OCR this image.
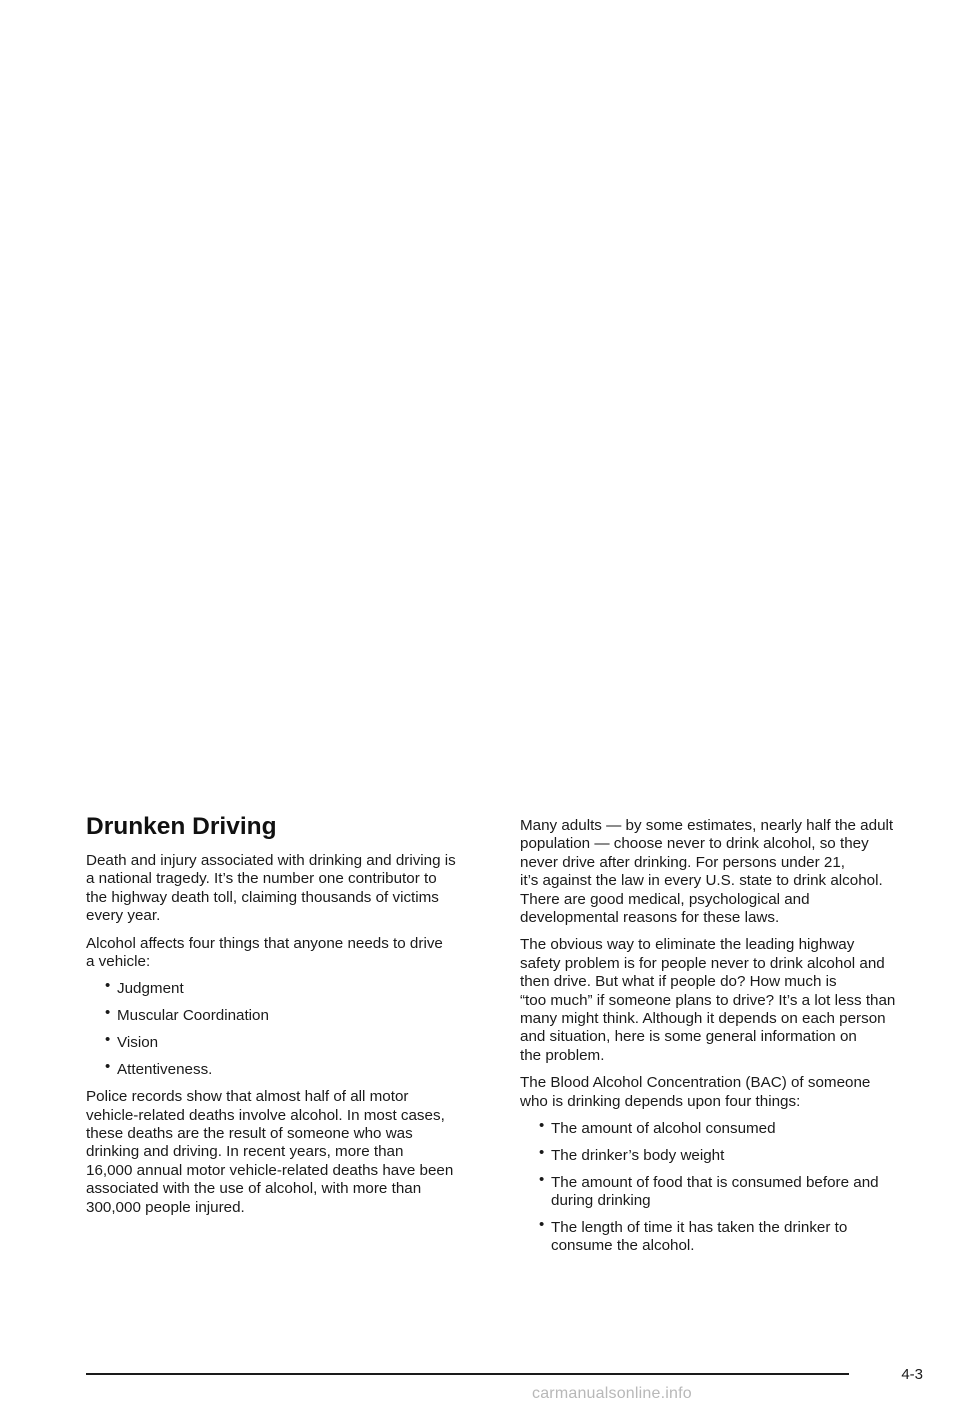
Drunken Driving

Death and injury associated with drinking and driving is
a national tragedy. It’s the number one contributor to
the highway death toll, claiming thousands of victims
every year.

Alcohol affects four things that anyone needs to drive
a vehicle:

• Judgment
• Muscular Coordination
• Vision
• Attentiveness.

Police records show that almost half of all motor
vehicle-related deaths involve alcohol. In most cases,
these deaths are the result of someone who was
drinking and driving. In recent years, more than
16,000 annual motor vehicle-related deaths have been
associated with the use of alcohol, with more than
300,000 people injured.

Many adults — by some estimates, nearly half the adult
population — choose never to drink alcohol, so they
never drive after drinking. For persons under 21,
it’s against the law in every U.S. state to drink alcohol.
There are good medical, psychological and
developmental reasons for these laws.

The obvious way to eliminate the leading highway
safety problem is for people never to drink alcohol and
then drive. But what if people do? How much is
“too much” if someone plans to drive? It’s a lot less than
many might think. Although it depends on each person
and situation, here is some general information on
the problem.

The Blood Alcohol Concentration (BAC) of someone
who is drinking depends upon four things:

• The amount of alcohol consumed
• The drinker’s body weight
• The amount of food that is consumed before and
during drinking
• The length of time it has taken the drinker to
consume the alcohol.
4-3
carmanualsonline.info
